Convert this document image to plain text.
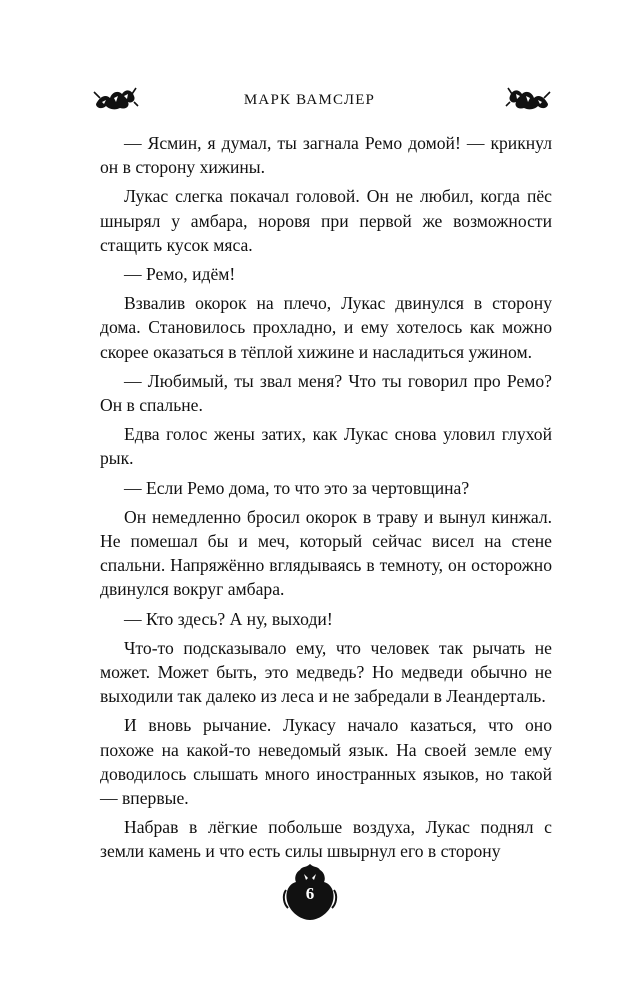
МАРК ВАМСЛЕР

— Ясмин, я думал, ты загнала Ремо домой! — крикнул он в сторону хижины.

Лукас слегка покачал головой. Он не любил, когда пёс шнырял у амбара, норовя при первой же возможности стащить кусок мяса.

— Ремо, идём!

Взвалив окорок на плечо, Лукас двинулся в сторону дома. Становилось прохладно, и ему хотелось как можно скорее оказаться в тёплой хижине и насладиться ужином.

— Любимый, ты звал меня? Что ты говорил про Ремо? Он в спальне.

Едва голос жены затих, как Лукас снова уловил глухой рык.

— Если Ремо дома, то что это за чертовщина?

Он немедленно бросил окорок в траву и вынул кинжал. Не помешал бы и меч, который сейчас висел на стене спальни. Напряжённо вглядываясь в темноту, он осторожно двинулся вокруг амбара.

— Кто здесь? А ну, выходи!

Что-то подсказывало ему, что человек так рычать не может. Может быть, это медведь? Но медведи обычно не выходили так далеко из леса и не забредали в Леандерталь.

И вновь рычание. Лукасу начало казаться, что оно похоже на какой-то неведомый язык. На своей земле ему доводилось слышать много иностранных языков, но такой — впервые.

Набрав в лёгкие побольше воздуха, Лукас поднял с земли камень и что есть силы швырнул его в сторону

6
